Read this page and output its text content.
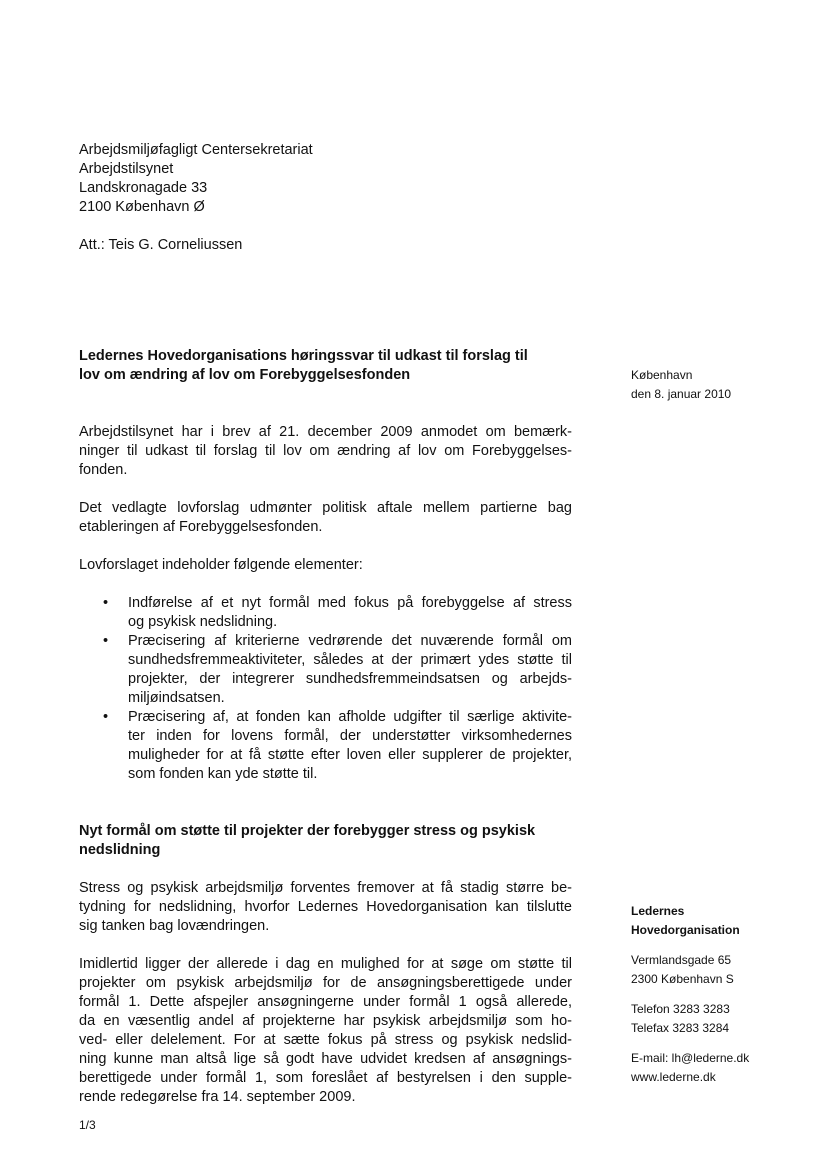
Arbejdsmiljøfagligt Centersekretariat
Arbejdstilsynet
Landskronagade 33
2100 København Ø
Att.: Teis G. Corneliussen
København
den 8. januar 2010
Ledernes Hovedorganisations høringssvar til udkast til forslag til
lov om ændring af lov om Forebyggelsesfonden
Arbejdstilsynet har i brev af 21. december 2009 anmodet om bemærk-
ninger til udkast til forslag til lov om ændring af lov om Forebyggelses-
fonden.
Det vedlagte lovforslag udmønter politisk aftale mellem partierne bag
etableringen af Forebyggelsesfonden.
Lovforslaget indeholder følgende elementer:
• Indførelse af et nyt formål med fokus på forebyggelse af stress
og psykisk nedslidning.
• Præcisering af kriterierne vedrørende det nuværende formål om
sundhedsfremmeaktiviteter, således at der primært ydes støtte til
projekter, der integrerer sundhedsfremmeindsatsen og arbejds-
miljøindsatsen.
• Præcisering af, at fonden kan afholde udgifter til særlige aktivite-
ter inden for lovens formål, der understøtter virksomhedernes
muligheder for at få støtte efter loven eller supplerer de projekter,
som fonden kan yde støtte til.
Nyt formål om støtte til projekter der forebygger stress og psykisk
nedslidning
Stress og psykisk arbejdsmiljø forventes fremover at få stadig større be-
tydning for nedslidning, hvorfor Ledernes Hovedorganisation kan tilslutte
sig tanken bag lovændringen.
Imidlertid ligger der allerede i dag en mulighed for at søge om støtte til
projekter om psykisk arbejdsmiljø for de ansøgningsberettigede under
formål 1. Dette afspejler ansøgningerne under formål 1 også allerede,
da en væsentlig andel af projekterne har psykisk arbejdsmiljø som ho-
ved- eller delelement. For at sætte fokus på stress og psykisk nedslid-
ning kunne man altså lige så godt have udvidet kredsen af ansøgnings-
berettigede under formål 1, som foreslået af bestyrelsen i den supple-
rende redegørelse fra 14. september 2009.
Ledernes
Hovedorganisation
Vermlandsgade 65
2300 København S
Telefon 3283 3283
Telefax 3283 3284
E-mail: lh@lederne.dk
www.lederne.dk
1/3
